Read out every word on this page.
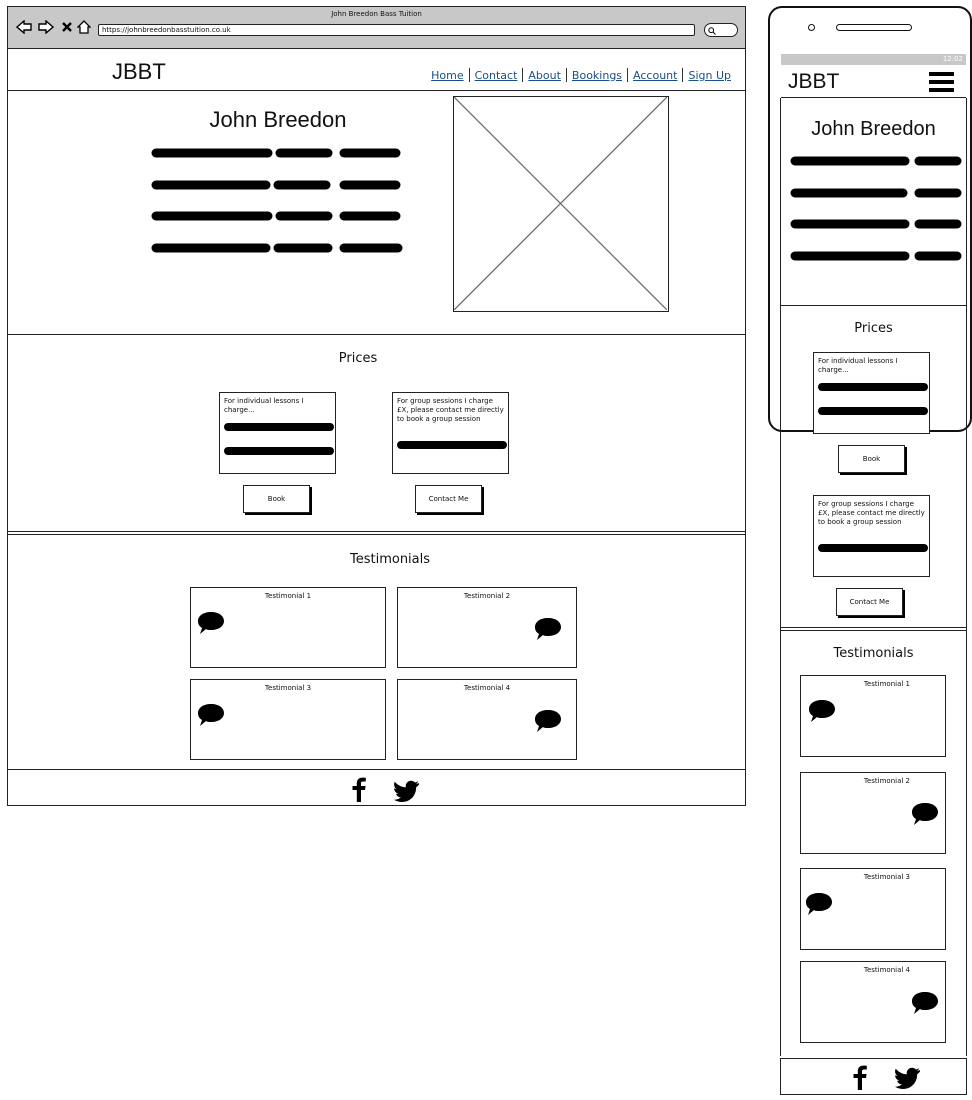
John Breedon Bass Tuition
https://johnbreedonbasstuition.co.uk
JBBT	Home Contact About Bookings Account Sign Up
John Breedon
Prices
For individual lessons I charge...
Book
For group sessions I charge £X, please contact me directly to book a group session
Contact Me
Testimonials
Testimonial 1	Testimonial 2
Testimonial 3	Testimonial 4
12:02
JBBT
John Breedon
Prices
For individual lessons I charge...
Book
For group sessions I charge £X, please contact me directly to book a group session
Contact Me
Testimonials
Testimonial 1
Testimonial 2
Testimonial 3
Testimonial 4
